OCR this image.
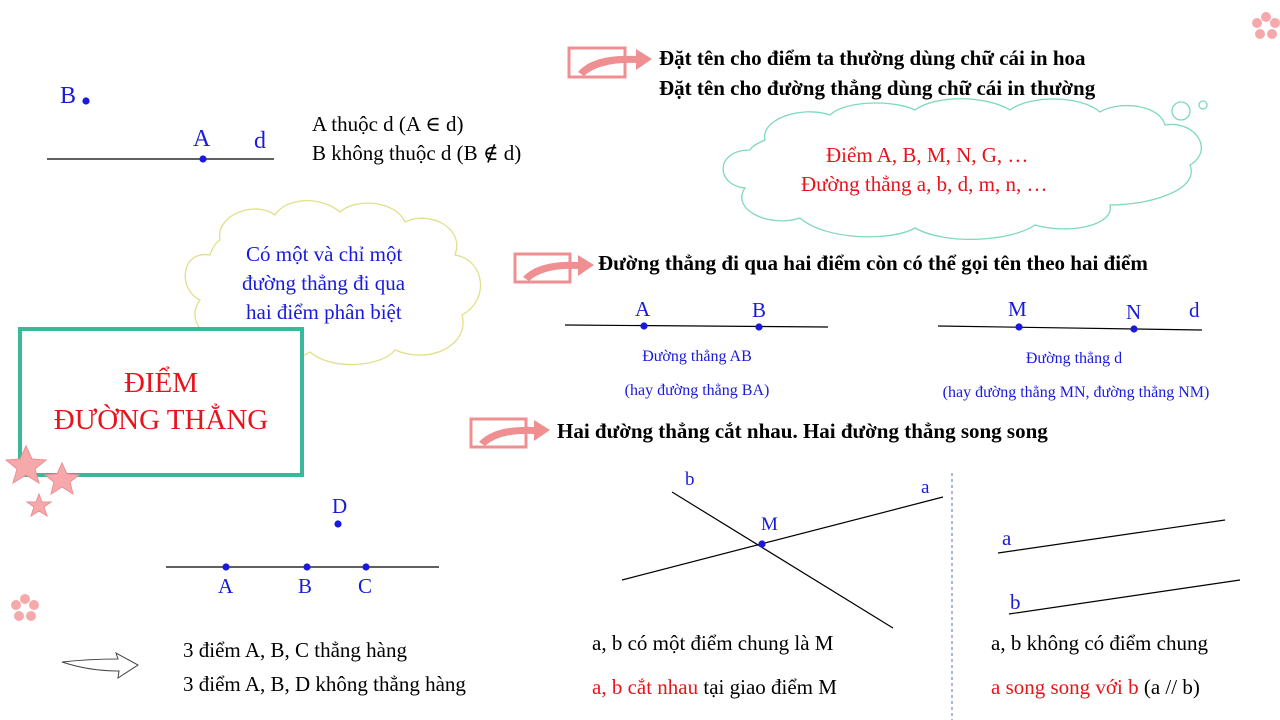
B
A d
A thuộc d (A ∈ d)
B không thuộc d (B ∉ d)
Có một và chỉ một
đường thẳng đi qua
hai điểm phân biệt
ĐIỂM
ĐƯỜNG THẲNG
Đặt tên cho điểm ta thường dùng chữ cái in hoa
Đặt tên cho đường thẳng dùng chữ cái in thường
Điểm A, B, M, N, G, …
Đường thẳng a, b, d, m, n, …
Đường thẳng đi qua hai điểm còn có thể gọi tên theo hai điểm
A	B
Đường thẳng AB
(hay đường thẳng BA)
M	N d
Đường thẳng d
(hay đường thẳng MN, đường thẳng NM)
D
A	B C
3 điểm A, B, C thẳng hàng
3 điểm A, B, D không thẳng hàng
Hai đường thẳng cắt nhau. Hai đường thẳng song song
b	a
M
a, b có một điểm chung là M
a, b cắt nhau tại giao điểm M
a
b
a, b không có điểm chung
a song song với b (a // b)
